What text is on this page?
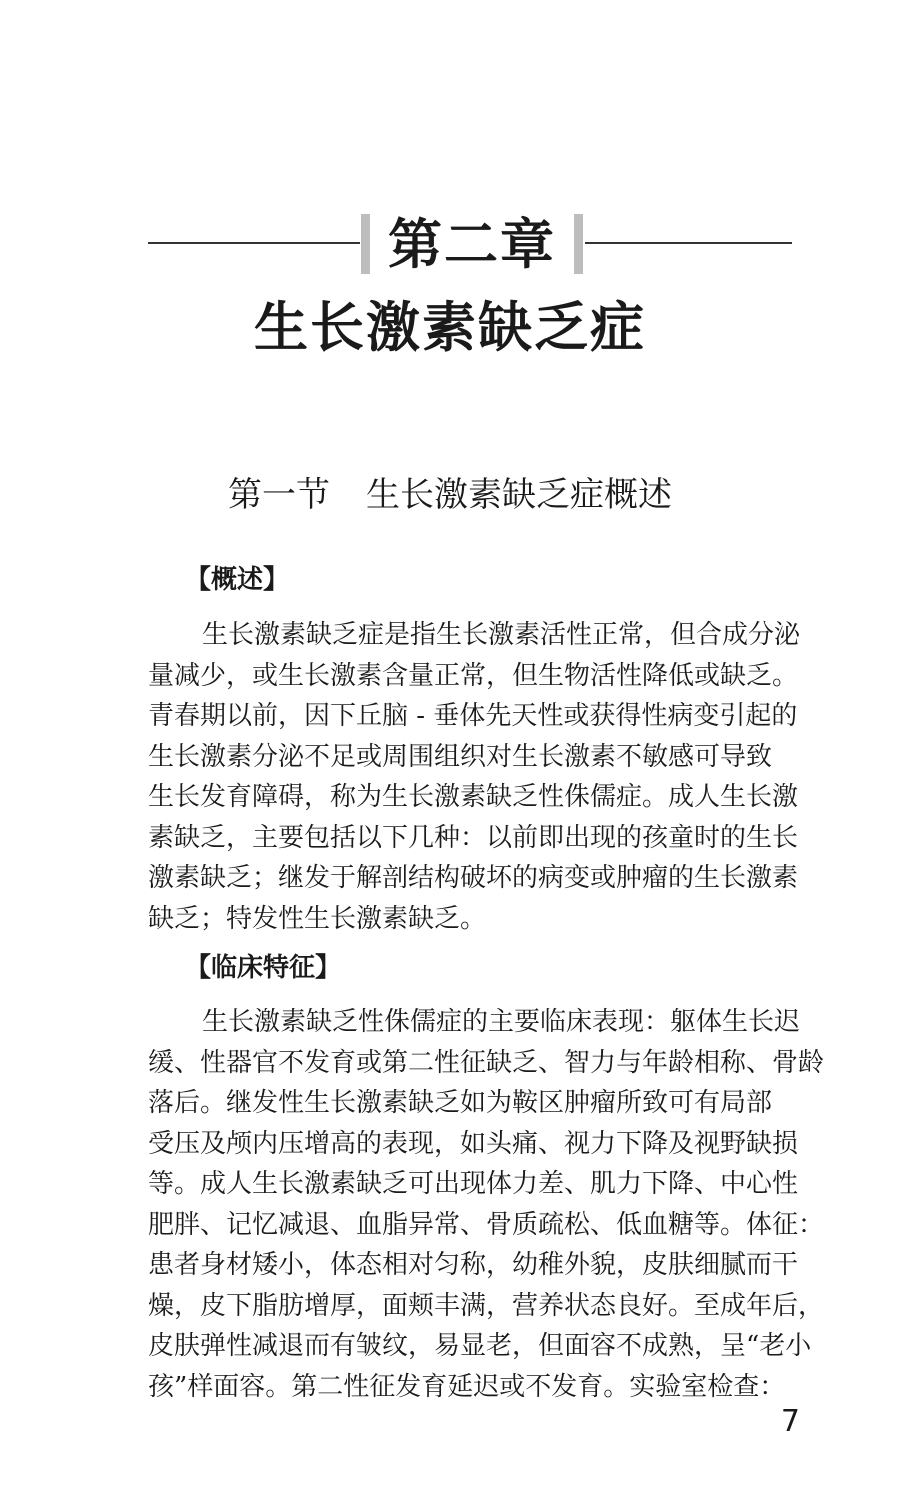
第二章
生长激素缺乏症
第一节 生长激素缺乏症概述
【概述】
生长激素缺乏症是指生长激素活性正常，但合成分泌
量减少，或生长激素含量正常，但生物活性降低或缺乏。
青春期以前，因下丘脑 - 垂体先天性或获得性病变引起的
生长激素分泌不足或周围组织对生长激素不敏感可导致
生长发育障碍，称为生长激素缺乏性侏儒症。成人生长激
素缺乏，主要包括以下几种：以前即出现的孩童时的生长
激素缺乏；继发于解剖结构破坏的病变或肿瘤的生长激素
缺乏；特发性生长激素缺乏。
【临床特征】
生长激素缺乏性侏儒症的主要临床表现：躯体生长迟
缓、性器官不发育或第二性征缺乏、智力与年龄相称、骨龄
落后。继发性生长激素缺乏如为鞍区肿瘤所致可有局部
受压及颅内压增高的表现，如头痛、视力下降及视野缺损
等。成人生长激素缺乏可出现体力差、肌力下降、中心性
肥胖、记忆减退、血脂异常、骨质疏松、低血糖等。体征：
患者身材矮小，体态相对匀称，幼稚外貌，皮肤细腻而干
燥，皮下脂肪增厚，面颊丰满，营养状态良好。至成年后，
皮肤弹性减退而有皱纹，易显老，但面容不成熟，呈“老小
孩”样面容。第二性征发育延迟或不发育。实验室检查：
7
